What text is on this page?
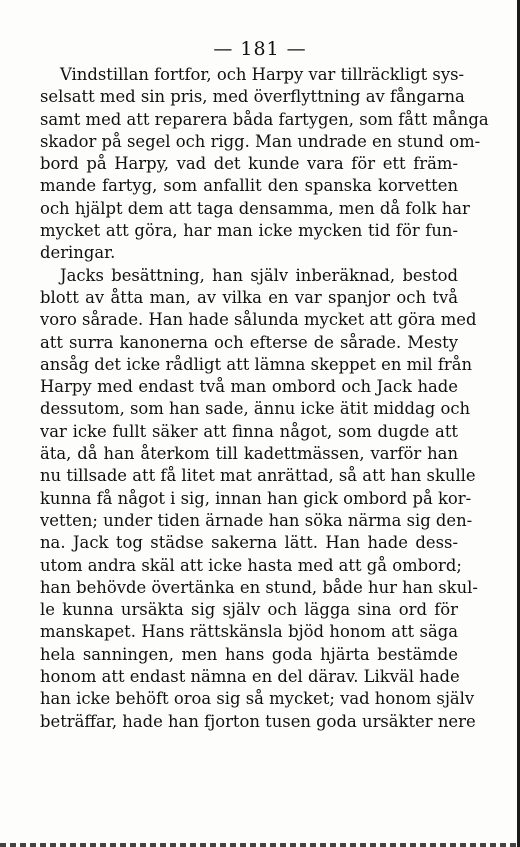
— 181 —
Vindstillan fortfor, och Harpy var tillräckligt sys-
selsatt med sin pris, med överflyttning av fångarna
samt med att reparera båda fartygen, som fått många
skador på segel och rigg. Man undrade en stund om-
bord på Harpy, vad det kunde vara för ett främ-
mande fartyg, som anfallit den spanska korvetten
och hjälpt dem att taga densamma, men då folk har
mycket att göra, har man icke mycken tid för fun-
deringar.
Jacks besättning, han själv inberäknad, bestod
blott av åtta man, av vilka en var spanjor och två
voro sårade. Han hade sålunda mycket att göra med
att surra kanonerna och efterse de sårade. Mesty
ansåg det icke rådligt att lämna skeppet en mil från
Harpy med endast två man ombord och Jack hade
dessutom, som han sade, ännu icke ätit middag och
var icke fullt säker att finna något, som dugde att
äta, då han återkom till kadettmässen, varför han
nu tillsade att få litet mat anrättad, så att han skulle
kunna få något i sig, innan han gick ombord på kor-
vetten; under tiden ärnade han söka närma sig den-
na. Jack tog städse sakerna lätt. Han hade dess-
utom andra skäl att icke hasta med att gå ombord;
han behövde övertänka en stund, både hur han skul-
le kunna ursäkta sig själv och lägga sina ord för
manskapet. Hans rättskänsla bjöd honom att säga
hela sanningen, men hans goda hjärta bestämde
honom att endast nämna en del därav. Likväl hade
han icke behöft oroa sig så mycket; vad honom själv
beträffar, hade han fjorton tusen goda ursäkter nere
